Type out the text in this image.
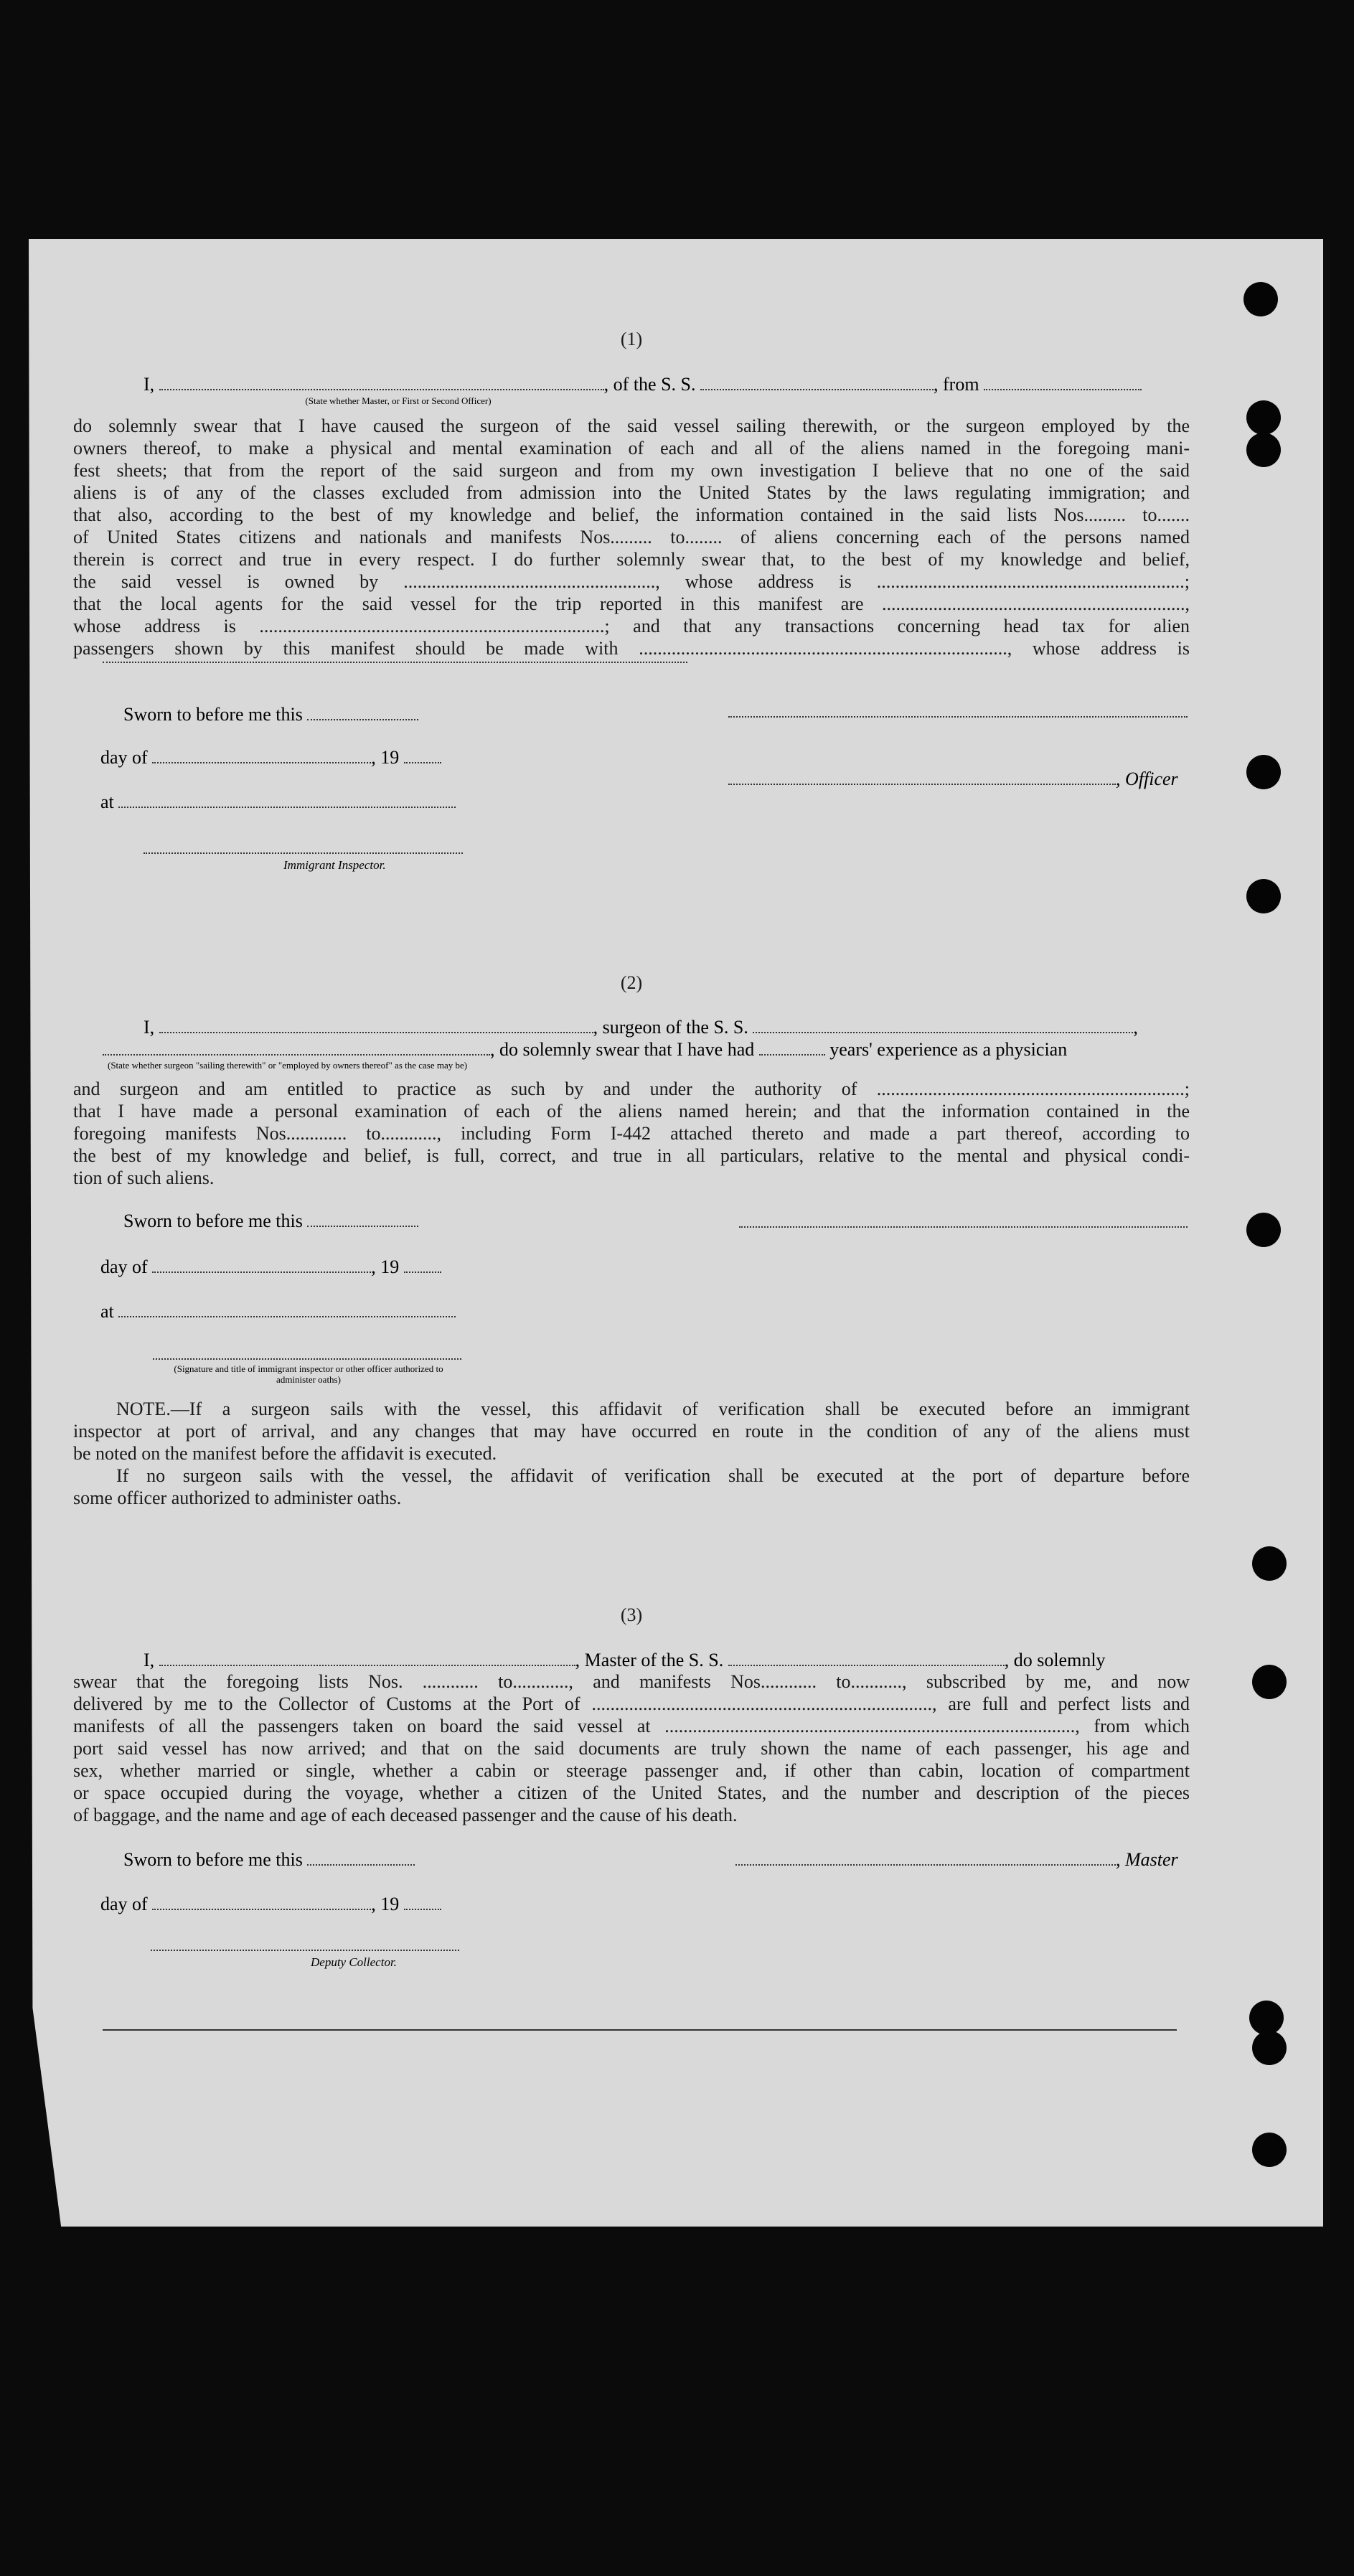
(1)
I,	, of the S. S.	, from
(State whether Master, or First or Second Officer)

do solemnly swear that I have caused the surgeon of the said vessel sailing therewith, or the surgeon employed by the
owners thereof, to make a physical and mental examination of each and all of the aliens named in the foregoing mani-
fest sheets; that from the report of the said surgeon and from my own investigation I believe that no one of the said
aliens is of any of the classes excluded from admission into the United States by the laws regulating immigration; and
that also, according to the best of my knowledge and belief, the information contained in the said lists Nos......... to.......
of United States citizens and nationals and manifests Nos......... to........ of aliens concerning each of the persons named
therein is correct and true in every respect. I do further solemnly swear that, to the best of my knowledge and belief,
the said vessel is owned by ......................................................, whose address is ..................................................................;
that the local agents for the said vessel for the trip reported in this manifest are .................................................................,
whose address is ..........................................................................; and that any transactions concerning head tax for alien
passengers shown by this manifest should be made with ..............................................................................., whose address is

Sworn to before me this
day of	, 19
, Officer
at
Immigrant Inspector.
(2)
I,	, surgeon of the S. S.	,
, do solemnly swear that I have had	years' experience as a physician
(State whether surgeon "sailing therewith" or "employed by owners thereof" as the case may be)

and surgeon and am entitled to practice as such by and under the authority of ..................................................................;
that I have made a personal examination of each of the aliens named herein; and that the information contained in the
foregoing manifests Nos............. to............, including Form I-442 attached thereto and made a part thereof, according to
the best of my knowledge and belief, is full, correct, and true in all particulars, relative to the mental and physical condi-
tion of such aliens.

Sworn to before me this
day of	, 19
at
(Signature and title of immigrant inspector or other officer authorized to administer oaths)

NOTE.—If a surgeon sails with the vessel, this affidavit of verification shall be executed before an immigrant
inspector at port of arrival, and any changes that may have occurred en route in the condition of any of the aliens must
be noted on the manifest before the affidavit is executed.
If no surgeon sails with the vessel, the affidavit of verification shall be executed at the port of departure before
some officer authorized to administer oaths.

(3)
I,	, Master of the S. S.	, do solemnly

swear that the foregoing lists Nos. ............ to............, and manifests Nos............ to..........., subscribed by me, and now
delivered by me to the Collector of Customs at the Port of ........................................................................., are full and perfect lists and
manifests of all the passengers taken on board the said vessel at ........................................................................................, from which
port said vessel has now arrived; and that on the said documents are truly shown the name of each passenger, his age and
sex, whether married or single, whether a cabin or steerage passenger and, if other than cabin, location of compartment
or space occupied during the voyage, whether a citizen of the United States, and the number and description of the pieces
of baggage, and the name and age of each deceased passenger and the cause of his death.

Sworn to before me this	, Master
day of	, 19
Deputy Collector.
